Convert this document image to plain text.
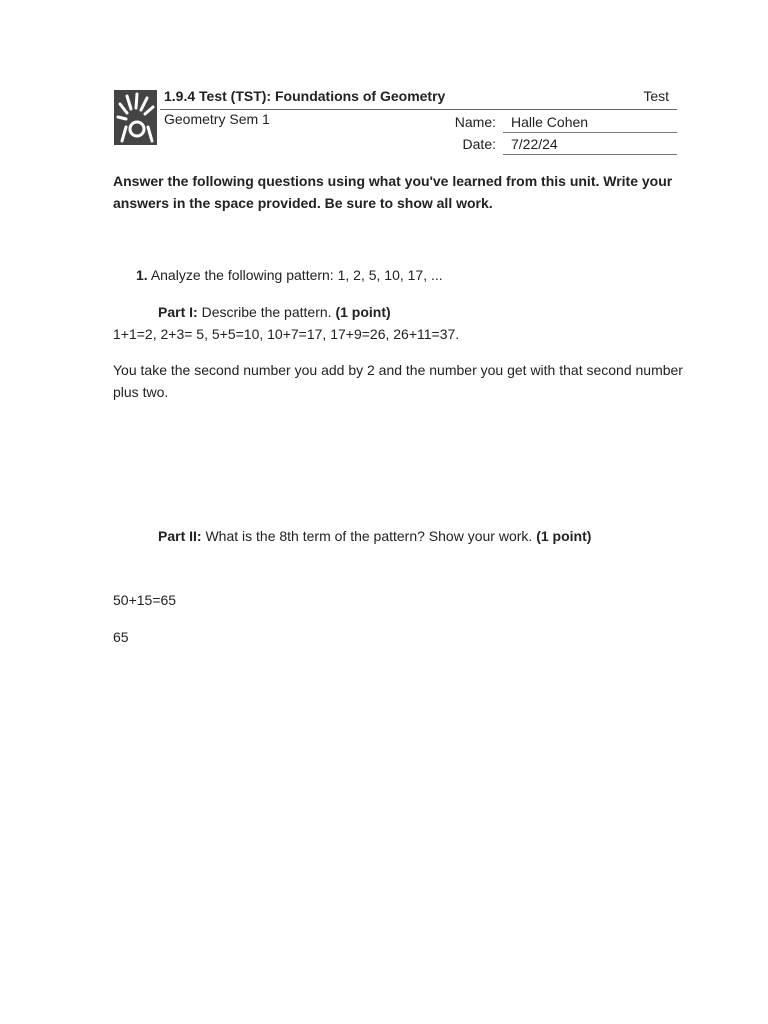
1.9.4 Test (TST): Foundations of Geometry	Test
Geometry Sem 1	Name: Halle Cohen
Date: 7/22/24
Answer the following questions using what you've learned from this unit. Write your answers in the space provided. Be sure to show all work.
1. Analyze the following pattern: 1, 2, 5, 10, 17, ...
Part I: Describe the pattern. (1 point)
1+1=2, 2+3= 5, 5+5=10, 10+7=17, 17+9=26, 26+11=37.
You take the second number you add by 2 and the number you get with that second number plus two.
Part II: What is the 8th term of the pattern? Show your work. (1 point)
50+15=65
65
